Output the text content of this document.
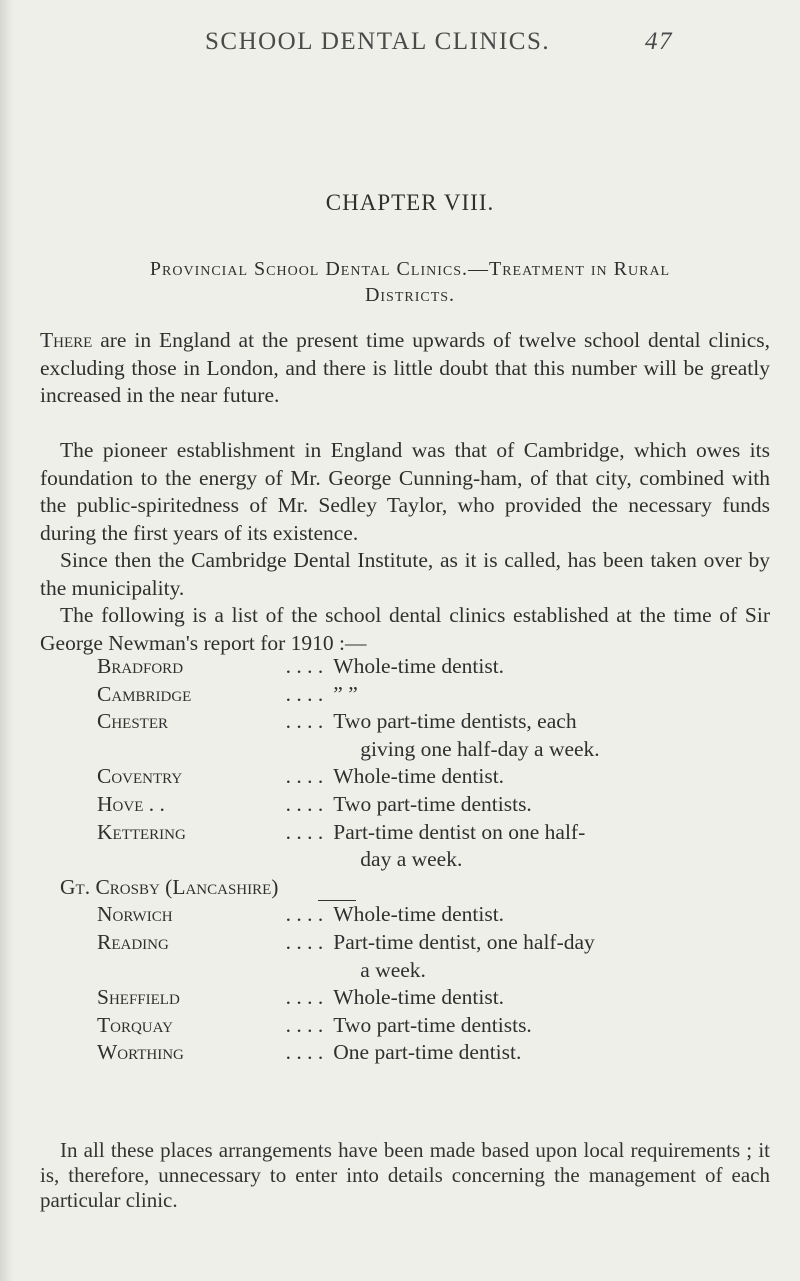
SCHOOL DENTAL CLINICS.	47
CHAPTER VIII.
Provincial School Dental Clinics.—Treatment in Rural
Districts.
There are in England at the present time upwards of twelve school dental clinics, excluding those in London, and there is little doubt that this number will be greatly increased in the near future.
The pioneer establishment in England was that of Cambridge, which owes its foundation to the energy of Mr. George Cunning-ham, of that city, combined with the public-spiritedness of Mr. Sedley Taylor, who provided the necessary funds during the first years of its existence.
Since then the Cambridge Dental Institute, as it is called, has been taken over by the municipality.
The following is a list of the school dental clinics established at the time of Sir George Newman's report for 1910 :—
Bradford	. . . . Whole-time dentist.
Cambridge	. . . . ” ”
Chester	. . . . Two part-time dentists, each
giving one half-day a week.
Coventry	. . . . Whole-time dentist.
Hove . .	. . . . Two part-time dentists.
Kettering	. . . . Part-time dentist on one half-
day a week.
Gt. Crosby (Lancashire)
Norwich	. . . . Whole-time dentist.
Reading	. . . . Part-time dentist, one half-day
a week.
Sheffield	. . . . Whole-time dentist.
Torquay	. . . . Two part-time dentists.
Worthing	. . . . One part-time dentist.
In all these places arrangements have been made based upon local requirements ; it is, therefore, unnecessary to enter into details concerning the management of each particular clinic.
